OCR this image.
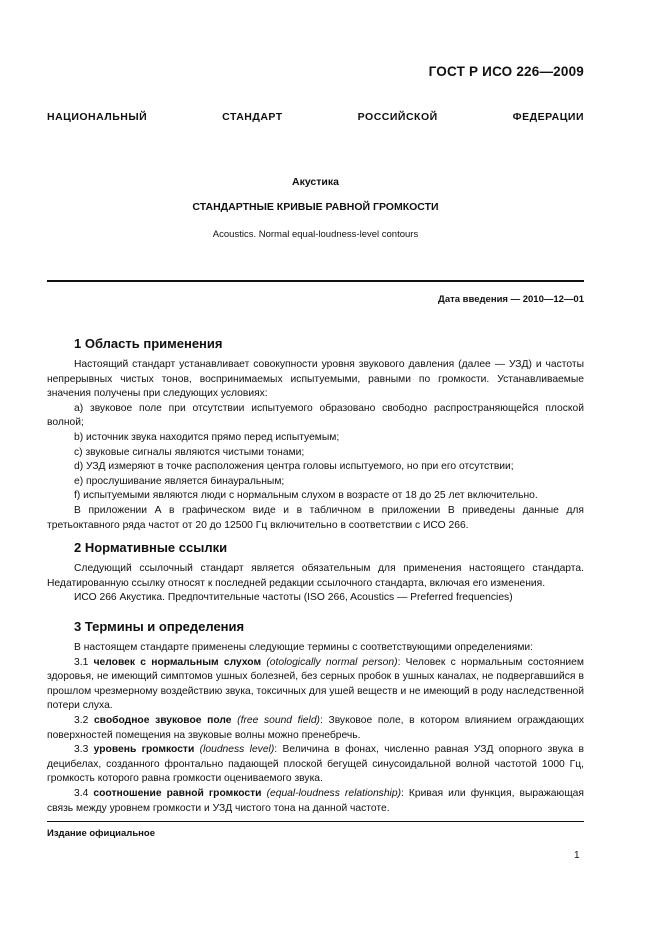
ГОСТ Р ИСО 226—2009
НАЦИОНАЛЬНЫЙ СТАНДАРТ РОССИЙСКОЙ ФЕДЕРАЦИИ
Акустика
СТАНДАРТНЫЕ КРИВЫЕ РАВНОЙ ГРОМКОСТИ
Acoustics. Normal equal-loudness-level contours
Дата введения — 2010—12—01
1 Область применения

Настоящий стандарт устанавливает совокупности уровня звукового давления (далее — УЗД) и частоты непрерывных чистых тонов, воспринимаемых испытуемыми, равными по громкости. Устанавливаемые значения получены при следующих условиях:

а) звуковое поле при отсутствии испытуемого образовано свободно распространяющейся плоской волной;

b) источник звука находится прямо перед испытуемым;

c) звуковые сигналы являются чистыми тонами;

d) УЗД измеряют в точке расположения центра головы испытуемого, но при его отсутствии;

e) прослушивание является бинауральным;

f) испытуемыми являются люди с нормальным слухом в возрасте от 18 до 25 лет включительно.

В приложении А в графическом виде и в табличном в приложении В приведены данные для третьоктавного ряда частот от 20 до 12500 Гц включительно в соответствии с ИСО 266.

2 Нормативные ссылки

Следующий ссылочный стандарт является обязательным для применения настоящего стандарта. Недатированную ссылку относят к последней редакции ссылочного стандарта, включая его изменения.

ИСО 266 Акустика. Предпочтительные частоты (ISO 266, Acoustics — Preferred frequencies)

3 Термины и определения

В настоящем стандарте применены следующие термины с соответствующими определениями:

3.1 человек с нормальным слухом (otologically normal person): Человек с нормальным состоянием здоровья, не имеющий симптомов ушных болезней, без серных пробок в ушных каналах, не подвергавшийся в прошлом чрезмерному воздействию звука, токсичных для ушей веществ и не имеющий в роду наследственной потери слуха.

3.2 свободное звуковое поле (free sound field): Звуковое поле, в котором влиянием ограждающих поверхностей помещения на звуковые волны можно пренебречь.

3.3 уровень громкости (loudness level): Величина в фонах, численно равная УЗД опорного звука в децибелах, созданного фронтально падающей плоской бегущей синусоидальной волной частотой 1000 Гц, громкость которого равна громкости оцениваемого звука.

3.4 соотношение равной громкости (equal-loudness relationship): Кривая или функция, выражающая связь между уровнем громкости и УЗД чистого тона на данной частоте.

Издание официальное
1
